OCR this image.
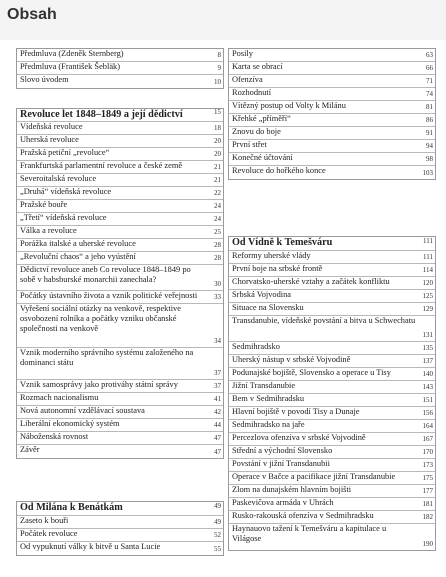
Obsah
Předmluva (Zdeněk Sternberg)	8
Předmluva (František Šebläk)	9
Slovo úvodem	10
Revoluce let 1848–1849 a její dědictví	15
Vídeňská revoluce	18
Uherská revoluce	20
Pražská petiční „revoluce“	20
Frankfurtská parlamentní revoluce a české země	21
Severoitalská revoluce	21
„Druhá“ vídeňská revoluce	22
Pražské bouře	24
„Třetí“ vídeňská revoluce	24
Válka a revoluce	25
Porážka italské a uherské revoluce	28
„Revoluční chaos“ a jeho vyústění	28
Dědictví revoluce aneb Co revoluce 1848–1849 po sobě v habsburské monarchii zanechala?	30
Počátky ústavního života a vznik politické veřejnosti	33
Vyřešení sociální otázky na venkově, respektive osvobození rolníka a počátky vzniku občanské společnosti na venkově
34
Vznik moderního správního systému založeného na dominanci státu
37
Vznik samosprávy jako protiváhy státní správy	37
Rozmach nacionalismu	41
Nová autonomní vzdělávací soustava	42
Liberální ekonomický systém	44
Náboženská rovnost	47
Závěr	47
Od Milána k Benátkám	49
Zaseto k bouři	49
Počátek revoluce	52
Od vypuknutí války k bitvě u Santa Lucie	55
Posily	63
Karta se obrací	66
Ofenzíva	71
Rozhodnutí	74
Vítězný postup od Volty k Milánu	81
Křehké „příměří“	86
Znovu do boje	91
První střet	94
Konečné účtování	98
Revoluce do hořkého konce	103
Od Vídně k Temešváru	111
Reformy uherské vlády	111
První boje na srbské frontě	114
Chorvatsko-uherské vztahy a začátek konfliktu	120
Srbská Vojvodina	125
Situace na Slovensku	129
Transdanubie, vídeňské povstání a bitva u Schwechatu
131
Sedmihradsko	135
Uherský nástup v srbské Vojvodině	137
Podunajské bojiště, Slovensko a operace u Tisy	140
Jižní Transdanubie	143
Bem v Sedmihradsku	151
Hlavní bojiště v povodí Tisy a Dunaje	156
Sedmihradsko na jaře	164
Percezlova ofenzíva v srbské Vojvodině	167
Střední a východní Slovensko	170
Povstání v jižní Transdanubii	173
Operace v Bačce a pacifikace jižní Transdanubie	175
Zlom na dunajském hlavním bojišti	177
Paskevičova armáda v Uhrách	181
Rusko-rakouská ofenzíva v Sedmihradsku	182
Haynauovo tažení k Temešváru a kapitulace u Világose
190
